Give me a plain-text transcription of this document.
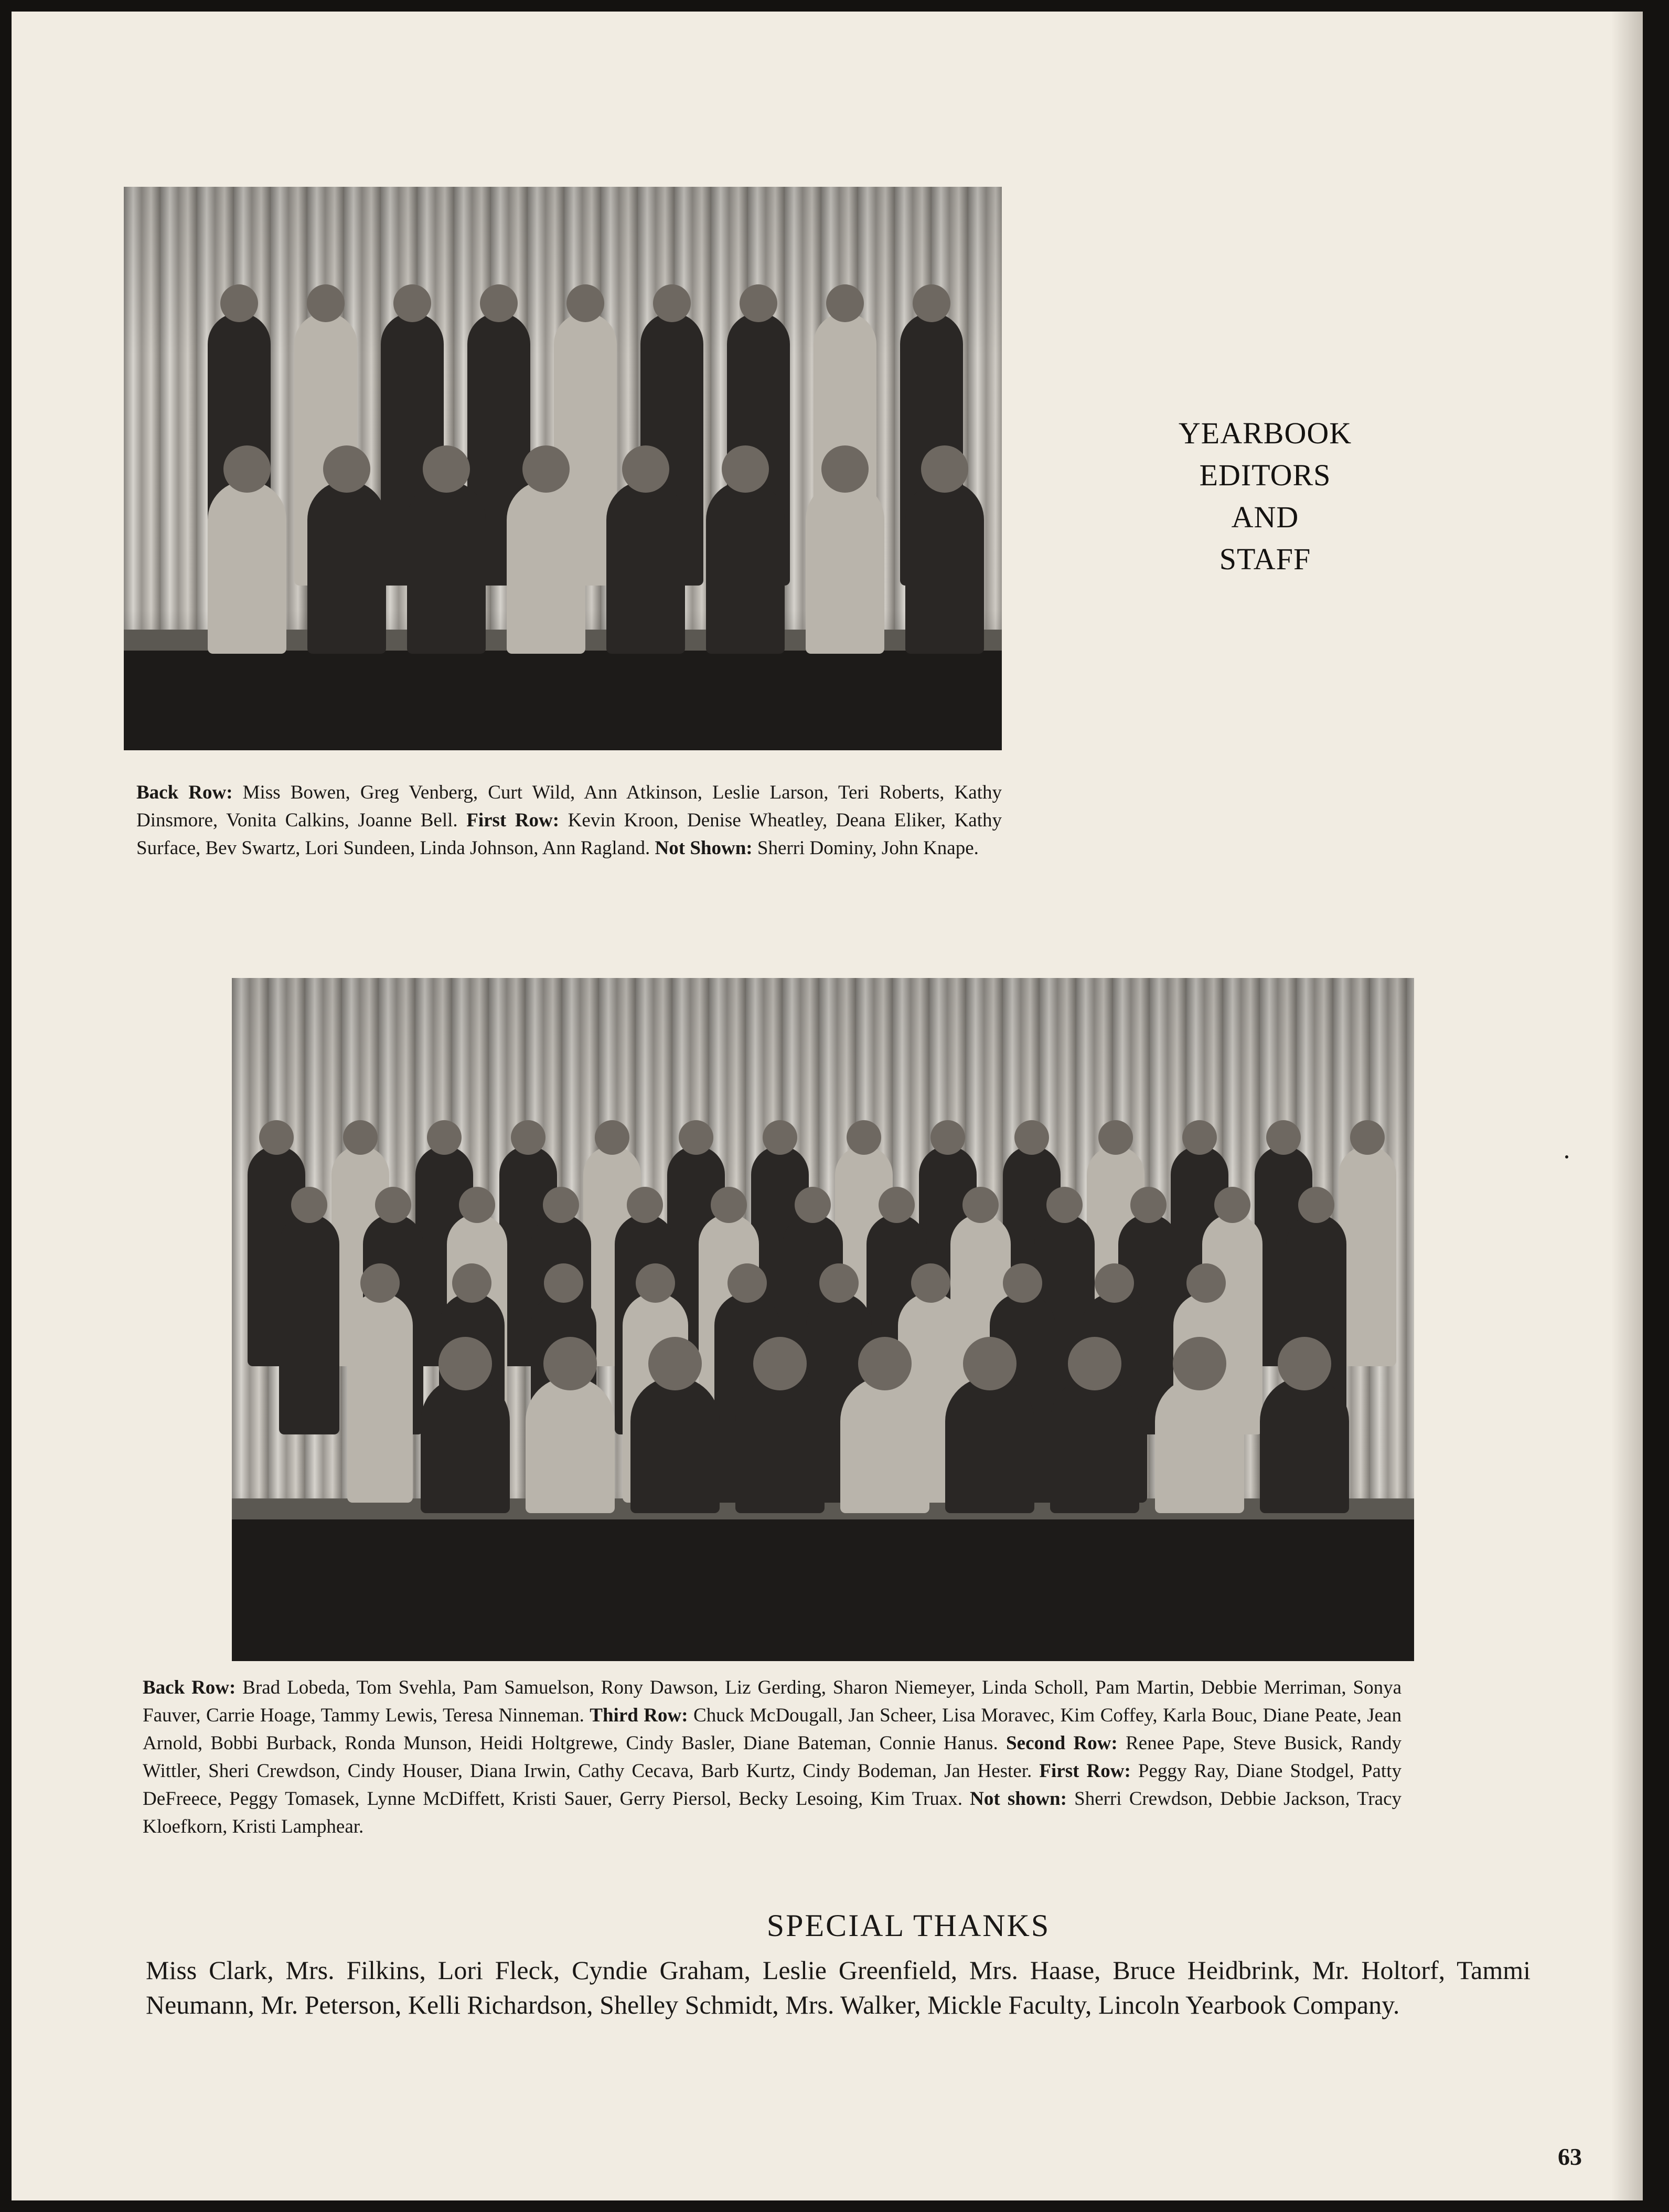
Back Row: Miss Bowen, Greg Venberg, Curt Wild, Ann Atkinson, Leslie Larson, Teri Roberts, Kathy Dinsmore, Vonita Calkins, Joanne Bell. First Row: Kevin Kroon, Denise Wheatley, Deana Eliker, Kathy Surface, Bev Swartz, Lori Sundeen, Linda Johnson, Ann Ragland. Not Shown: Sherri Dominy, John Knape.

YEARBOOK
EDITORS
AND
STAFF

Back Row: Brad Lobeda, Tom Svehla, Pam Samuelson, Rony Dawson, Liz Gerding, Sharon Niemeyer, Linda Scholl, Pam Martin, Debbie Merriman, Sonya Fauver, Carrie Hoage, Tammy Lewis, Teresa Ninneman. Third Row: Chuck McDougall, Jan Scheer, Lisa Moravec, Kim Coffey, Karla Bouc, Diane Peate, Jean Arnold, Bobbi Burback, Ronda Munson, Heidi Holtgrewe, Cindy Basler, Diane Bateman, Connie Hanus. Second Row: Renee Pape, Steve Busick, Randy Wittler, Sheri Crewdson, Cindy Houser, Diana Irwin, Cathy Cecava, Barb Kurtz, Cindy Bodeman, Jan Hester. First Row: Peggy Ray, Diane Stodgel, Patty DeFreece, Peggy Tomasek, Lynne McDiffett, Kristi Sauer, Gerry Piersol, Becky Lesoing, Kim Truax. Not shown: Sherri Crewdson, Debbie Jackson, Tracy Kloefkorn, Kristi Lamphear.

SPECIAL THANKS

Miss Clark, Mrs. Filkins, Lori Fleck, Cyndie Graham, Leslie Greenfield, Mrs. Haase, Bruce Heidbrink, Mr. Holtorf, Tammi Neumann, Mr. Peterson, Kelli Richardson, Shelley Schmidt, Mrs. Walker, Mickle Faculty, Lincoln Yearbook Company.

63
